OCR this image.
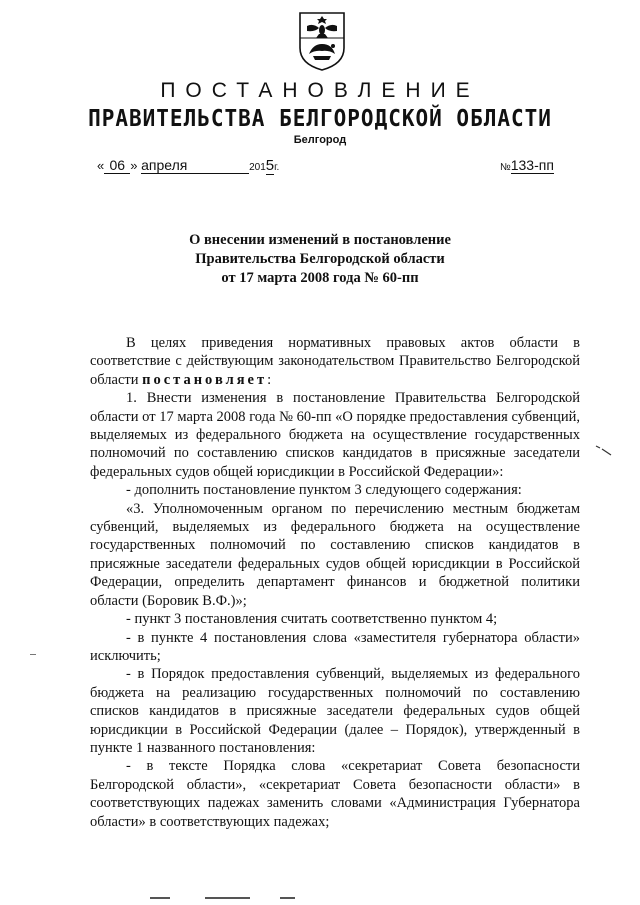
ПОСТАНОВЛЕНИЕ
ПРАВИТЕЛЬСТВА БЕЛГОРОДСКОЙ ОБЛАСТИ
Белгород
« 06 » апреля	2015г.	№133-пп
О внесении изменений в постановление
Правительства Белгородской области
от 17 марта 2008 года № 60-пп

В целях приведения нормативных правовых актов области в соответствие с действующим законодательством Правительство Белгородской области постановляет:

1. Внести изменения в постановление Правительства Белгородской области от 17 марта 2008 года № 60-пп «О порядке предоставления субвенций, выделяемых из федерального бюджета на осуществление государственных полномочий по составлению списков кандидатов в присяжные заседатели федеральных судов общей юрисдикции в Российской Федерации»:

- дополнить постановление пунктом 3 следующего содержания:

«3. Уполномоченным органом по перечислению местным бюджетам субвенций, выделяемых из федерального бюджета на осуществление государственных полномочий по составлению списков кандидатов в присяжные заседатели федеральных судов общей юрисдикции в Российской Федерации, определить департамент финансов и бюджетной политики области (Боровик В.Ф.)»;

- пункт 3 постановления считать соответственно пунктом 4;

- в пункте 4 постановления слова «заместителя губернатора области» исключить;

- в Порядок предоставления субвенций, выделяемых из федерального бюджета на реализацию государственных полномочий по составлению списков кандидатов в присяжные заседатели федеральных судов общей юрисдикции в Российской Федерации (далее – Порядок), утвержденный в пункте 1 названного постановления:

- в тексте Порядка слова «секретариат Совета безопасности Белгородской области», «секретариат Совета безопасности области» в соответствующих падежах заменить словами «Администрация Губернатора области» в соответствующих падежах;
